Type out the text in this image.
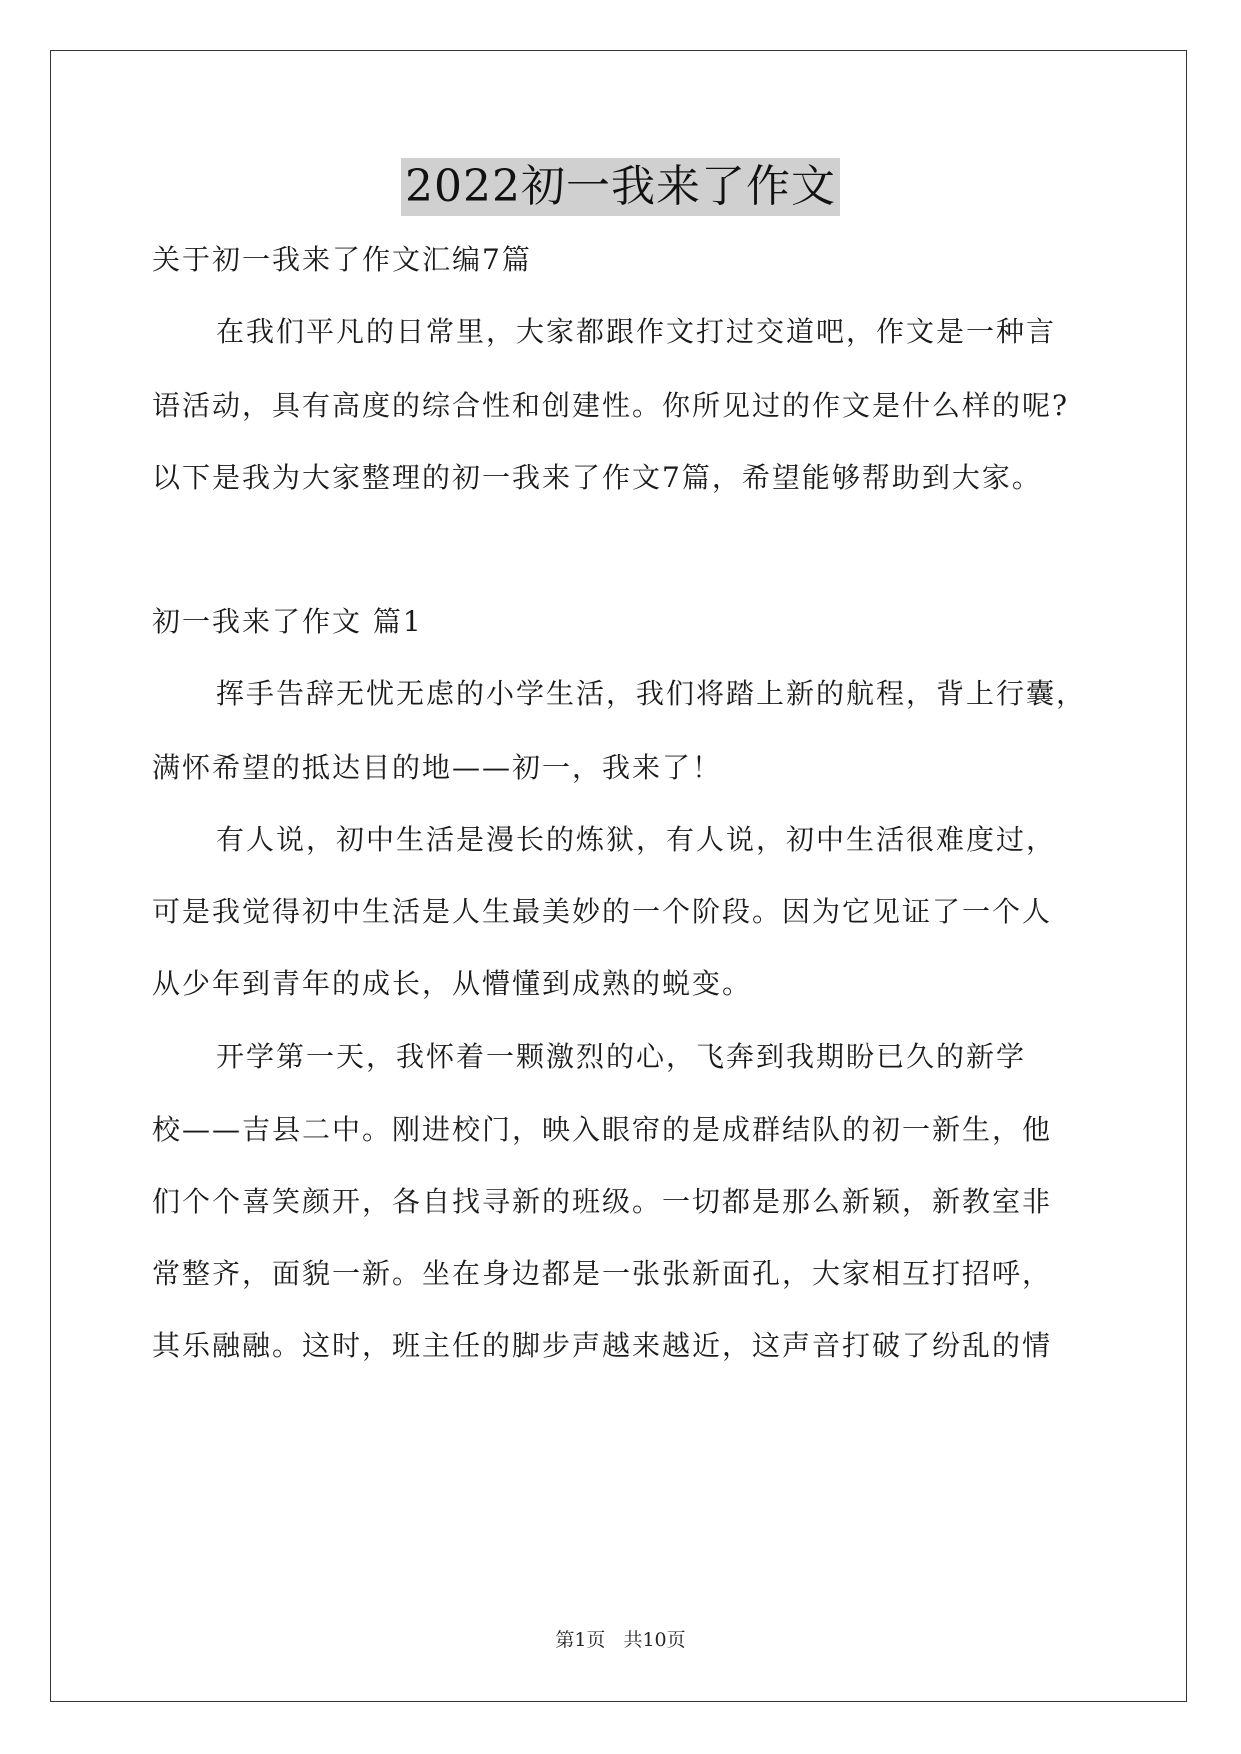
2022初一我来了作文
关于初一我来了作文汇编7篇
在我们平凡的日常里，大家都跟作文打过交道吧，作文是一种言
语活动，具有高度的综合性和创建性。你所见过的作文是什么样的呢?
以下是我为大家整理的初一我来了作文7篇，希望能够帮助到大家。
初一我来了作文 篇1
挥手告辞无忧无虑的小学生活，我们将踏上新的航程，背上行囊，
满怀希望的抵达目的地——初一，我来了！
有人说，初中生活是漫长的炼狱，有人说，初中生活很难度过，
可是我觉得初中生活是人生最美妙的一个阶段。因为它见证了一个人
从少年到青年的成长，从懵懂到成熟的蜕变。
开学第一天，我怀着一颗激烈的心，飞奔到我期盼已久的新学
校——吉县二中。刚进校门，映入眼帘的是成群结队的初一新生，他
们个个喜笑颜开，各自找寻新的班级。一切都是那么新颖，新教室非
常整齐，面貌一新。坐在身边都是一张张新面孔，大家相互打招呼，
其乐融融。这时，班主任的脚步声越来越近，这声音打破了纷乱的情
第1页 共10页
